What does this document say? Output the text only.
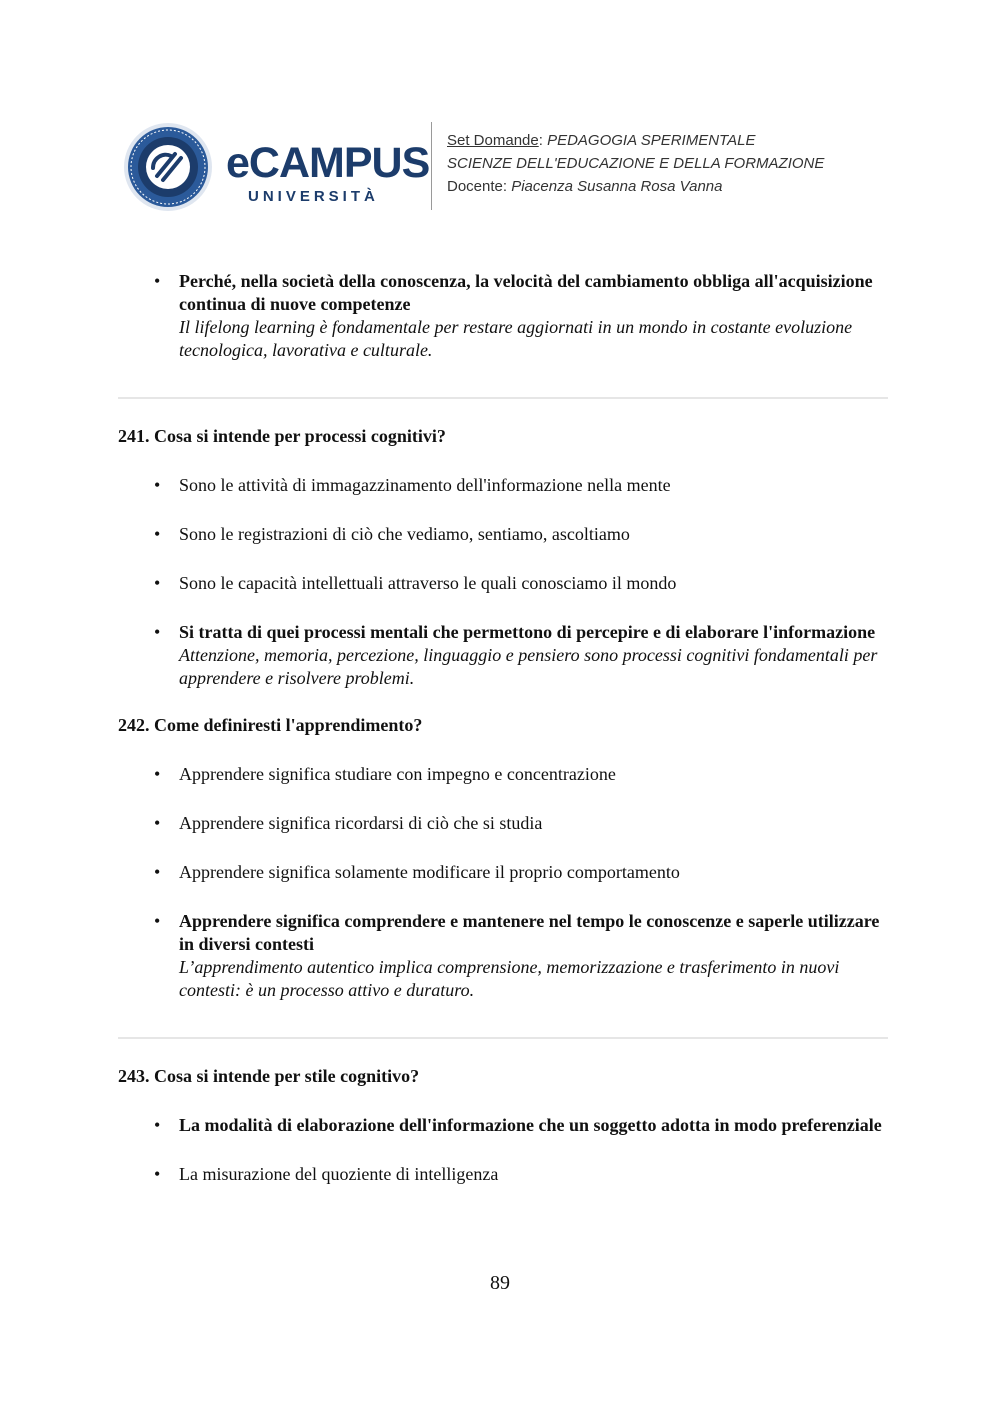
eCAMPUS
UNIVERSITÀ
Set Domande: PEDAGOGIA SPERIMENTALE
SCIENZE DELL'EDUCAZIONE E DELLA FORMAZIONE
Docente: Piacenza Susanna Rosa Vanna
• Perché, nella società della conoscenza, la velocità del cambiamento obbliga all'acquisizione continua di nuove competenze
Il lifelong learning è fondamentale per restare aggiornati in un mondo in costante evoluzione tecnologica, lavorativa e culturale.

241. Cosa si intende per processi cognitivi?

• Sono le attività di immagazzinamento dell'informazione nella mente
• Sono le registrazioni di ciò che vediamo, sentiamo, ascoltiamo
• Sono le capacità intellettuali attraverso le quali conosciamo il mondo
• Si tratta di quei processi mentali che permettono di percepire e di elaborare l'informazione
Attenzione, memoria, percezione, linguaggio e pensiero sono processi cognitivi fondamentali per apprendere e risolvere problemi.

242. Come definiresti l'apprendimento?

• Apprendere significa studiare con impegno e concentrazione
• Apprendere significa ricordarsi di ciò che si studia
• Apprendere significa solamente modificare il proprio comportamento
• Apprendere significa comprendere e mantenere nel tempo le conoscenze e saperle utilizzare in diversi contesti
L’apprendimento autentico implica comprensione, memorizzazione e trasferimento in nuovi contesti: è un processo attivo e duraturo.

243. Cosa si intende per stile cognitivo?

• La modalità di elaborazione dell'informazione che un soggetto adotta in modo preferenziale
• La misurazione del quoziente di intelligenza
89
